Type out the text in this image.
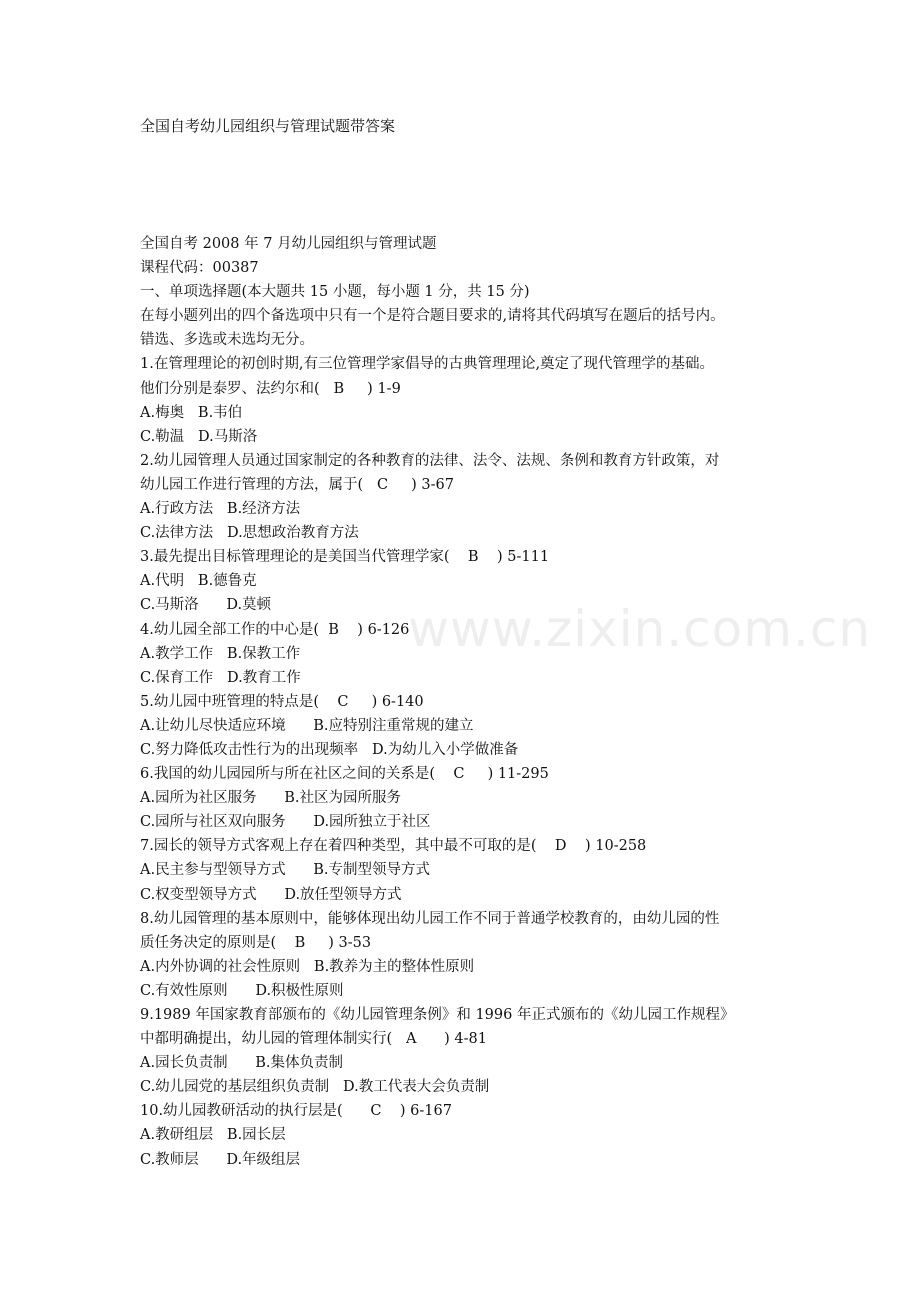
全国自考幼儿园组织与管理试题带答案

全国自考 2008 年 7 月幼儿园组织与管理试题

课程代码：00387

一、单项选择题(本大题共 15 小题，每小题 1 分，共 15 分)

在每小题列出的四个备选项中只有一个是符合题目要求的,请将其代码填写在题后的括号内。

错选、多选或未选均无分。

1.在管理理论的初创时期,有三位管理学家倡导的古典管理理论,奠定了现代管理学的基础。

他们分别是泰罗、法约尔和(   B     ) 1-9

A.梅奥   B.韦伯

C.勒温   D.马斯洛

2.幼儿园管理人员通过国家制定的各种教育的法律、法令、法规、条例和教育方针政策，对

幼儿园工作进行管理的方法，属于(   C     ) 3-67

A.行政方法   B.经济方法

C.法律方法   D.思想政治教育方法

3.最先提出目标管理理论的是美国当代管理学家(    B    ) 5-111

A.代明   B.德鲁克

C.马斯洛      D.莫顿

4.幼儿园全部工作的中心是(  B    ) 6-126

A.教学工作   B.保教工作

C.保育工作   D.教育工作

5.幼儿园中班管理的特点是(    C     ) 6-140

A.让幼儿尽快适应环境      B.应特别注重常规的建立

C.努力降低攻击性行为的出现频率   D.为幼儿入小学做准备

6.我国的幼儿园园所与所在社区之间的关系是(    C     ) 11-295

A.园所为社区服务      B.社区为园所服务

C.园所与社区双向服务      D.园所独立于社区

7.园长的领导方式客观上存在着四种类型，其中最不可取的是(    D    ) 10-258

A.民主参与型领导方式      B.专制型领导方式

C.权变型领导方式      D.放任型领导方式

8.幼儿园管理的基本原则中，能够体现出幼儿园工作不同于普通学校教育的，由幼儿园的性

质任务决定的原则是(    B     ) 3-53

A.内外协调的社会性原则   B.教养为主的整体性原则

C.有效性原则      D.积极性原则

9.1989 年国家教育部颁布的《幼儿园管理条例》和 1996 年正式颁布的《幼儿园工作规程》

中都明确提出，幼儿园的管理体制实行(   A      ) 4-81

A.园长负责制      B.集体负责制

C.幼儿园党的基层组织负责制   D.教工代表大会负责制

10.幼儿园教研活动的执行层是(      C    ) 6-167

A.教研组层   B.园长层

C.教师层      D.年级组层

www.zixin.com.cn
